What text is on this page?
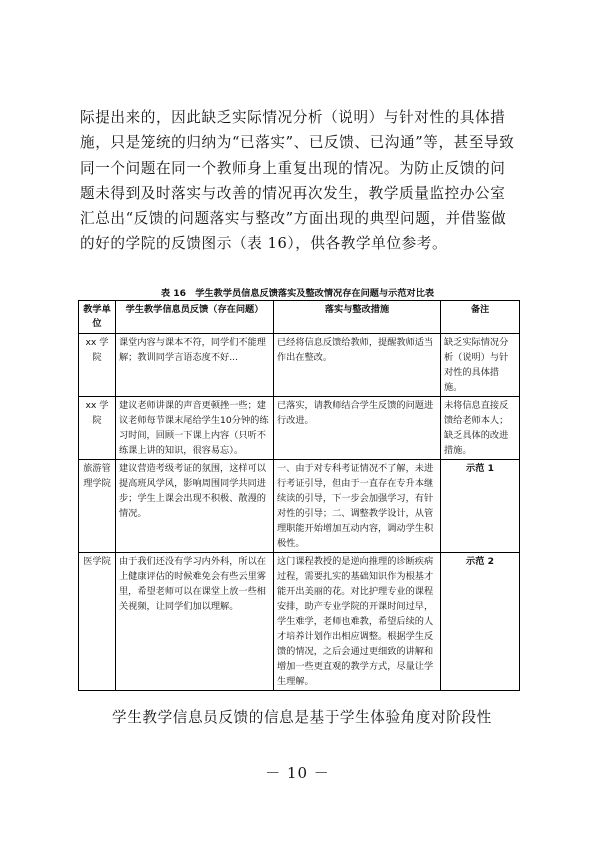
际提出来的，因此缺乏实际情况分析（说明）与针对性的具体措施，只是笼统的归纳为“已落实”、已反馈、已沟通”等，甚至导致同一个问题在同一个教师身上重复出现的情况。为防止反馈的问题未得到及时落实与改善的情况再次发生，教学质量监控办公室汇总出“反馈的问题落实与整改”方面出现的典型问题，并借鉴做的好的学院的反馈图示（表 16），供各教学单位参考。

表 16　学生教学员信息反馈落实及整改情况存在问题与示范对比表

教学单位	学生教学信息员反馈（存在问题）	落实与整改措施	备注
xx 学院	课堂内容与课本不符，同学们不能理解；教训同学言语态度不好...	已经将信息反馈给教师，提醒教师适当作出在整改。	缺乏实际情况分析（说明）与针对性的具体措施。
xx 学院	建议老师讲课的声音更顿挫一些；建议老师每节课末尾给学生10分钟的练习时间，回顾一下课上内容（只听不练课上讲的知识，很容易忘）。	已落实，请教师结合学生反馈的问题进行改进。	未将信息直接反馈给老师本人；缺乏具体的改进措施。
旅游管理学院	建议营造考级考证的氛围，这样可以提高班风学风，影响周围同学共同进步；学生上课会出现不积极、散漫的情况。	一、由于对专科考证情况不了解，未进行考证引导，但由于一直存在专升本继续读的引导，下一步会加强学习，有针对性的引导；二、调整教学设计，从管理职能开始增加互动内容，调动学生积极性。	示范 1
医学院	由于我们还没有学习内外科，所以在上健康评估的时候难免会有些云里雾里，希望老师可以在课堂上放一些相关视频，让同学们加以理解。	这门课程教授的是逆向推理的诊断疾病过程，需要扎实的基础知识作为根基才能开出美丽的花。对比护理专业的课程安排，助产专业学院的开课时间过早，学生难学，老师也难教，希望后续的人才培养计划作出相应调整。根据学生反馈的情况，之后会通过更细致的讲解和增加一些更直观的教学方式，尽量让学生理解。	示范 2

学生教学信息员反馈的信息是基于学生体验角度对阶段性

－ 10 －
